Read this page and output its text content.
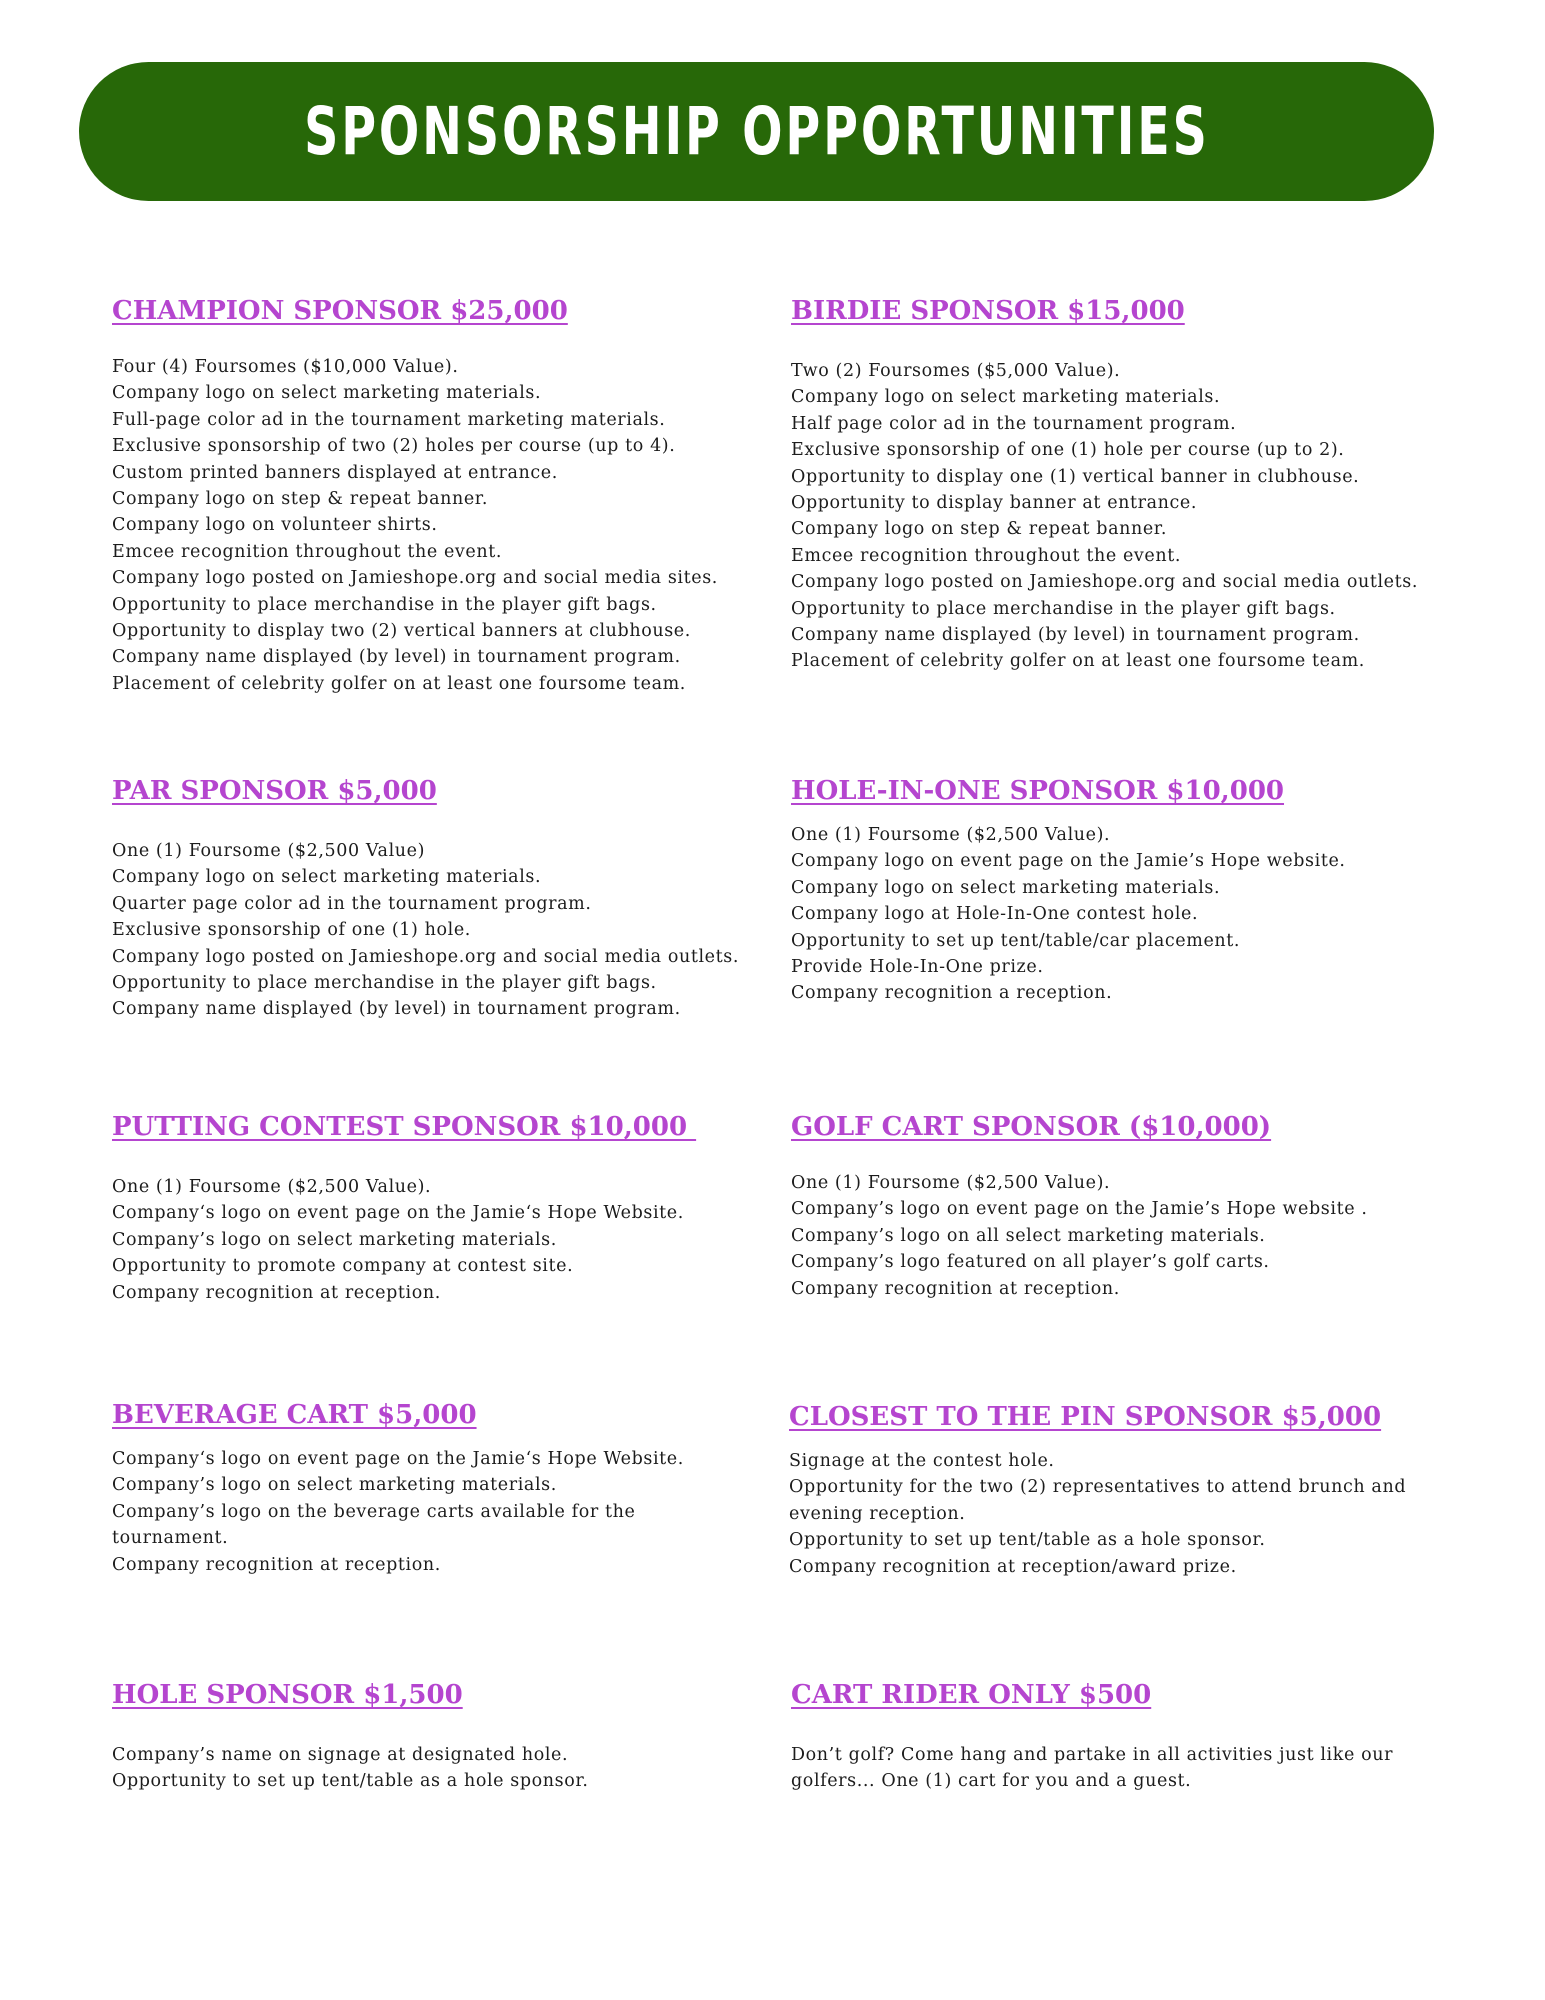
SPONSORSHIP OPPORTUNITIES
CHAMPION SPONSOR $25,000
Four (4) Foursomes ($10,000 Value).
Company logo on select marketing materials.
Full-page color ad in the tournament marketing materials.
Exclusive sponsorship of two (2) holes per course (up to 4).
Custom printed banners displayed at entrance.
Company logo on step & repeat banner.
Company logo on volunteer shirts.
Emcee recognition throughout the event.
Company logo posted on Jamieshope.org and social media sites.
Opportunity to place merchandise in the player gift bags.
Opportunity to display two (2) vertical banners at clubhouse.
Company name displayed (by level) in tournament program.
Placement of celebrity golfer on at least one foursome team.
BIRDIE SPONSOR $15,000
Two (2) Foursomes ($5,000 Value).
Company logo on select marketing materials.
Half page color ad in the tournament program.
Exclusive sponsorship of one (1) hole per course (up to 2).
Opportunity to display one (1) vertical banner in clubhouse.
Opportunity to display banner at entrance.
Company logo on step & repeat banner.
Emcee recognition throughout the event.
Company logo posted on Jamieshope.org and social media outlets.
Opportunity to place merchandise in the player gift bags.
Company name displayed (by level) in tournament program.
Placement of celebrity golfer on at least one foursome team.
PAR SPONSOR $5,000
One (1) Foursome ($2,500 Value)
Company logo on select marketing materials.
Quarter page color ad in the tournament program.
Exclusive sponsorship of one (1) hole.
Company logo posted on Jamieshope.org and social media outlets.
Opportunity to place merchandise in the player gift bags.
Company name displayed (by level) in tournament program.
HOLE-IN-ONE SPONSOR $10,000
One (1) Foursome ($2,500 Value).
Company logo on event page on the Jamie’s Hope website.
Company logo on select marketing materials.
Company logo at Hole-In-One contest hole.
Opportunity to set up tent/table/car placement.
Provide Hole-In-One prize.
Company recognition a reception.
PUTTING CONTEST SPONSOR $10,000
One (1) Foursome ($2,500 Value).
Company‘s logo on event page on the Jamie‘s Hope Website.
Company’s logo on select marketing materials.
Opportunity to promote company at contest site.
Company recognition at reception.
GOLF CART SPONSOR ($10,000)
One (1) Foursome ($2,500 Value).
Company’s logo on event page on the Jamie’s Hope website .
Company’s logo on all select marketing materials.
Company’s logo featured on all player’s golf carts.
Company recognition at reception.
BEVERAGE CART $5,000
Company‘s logo on event page on the Jamie‘s Hope Website.
Company’s logo on select marketing materials.
Company’s logo on the beverage carts available for the tournament.
Company recognition at reception.
CLOSEST TO THE PIN SPONSOR $5,000
Signage at the contest hole.
Opportunity for the two (2) representatives to attend brunch and evening reception.
Opportunity to set up tent/table as a hole sponsor.
Company recognition at reception/award prize.
HOLE SPONSOR $1,500
Company’s name on signage at designated hole.
Opportunity to set up tent/table as a hole sponsor.
CART RIDER ONLY $500
Don’t golf? Come hang and partake in all activities just like our golfers... One (1) cart for you and a guest.
